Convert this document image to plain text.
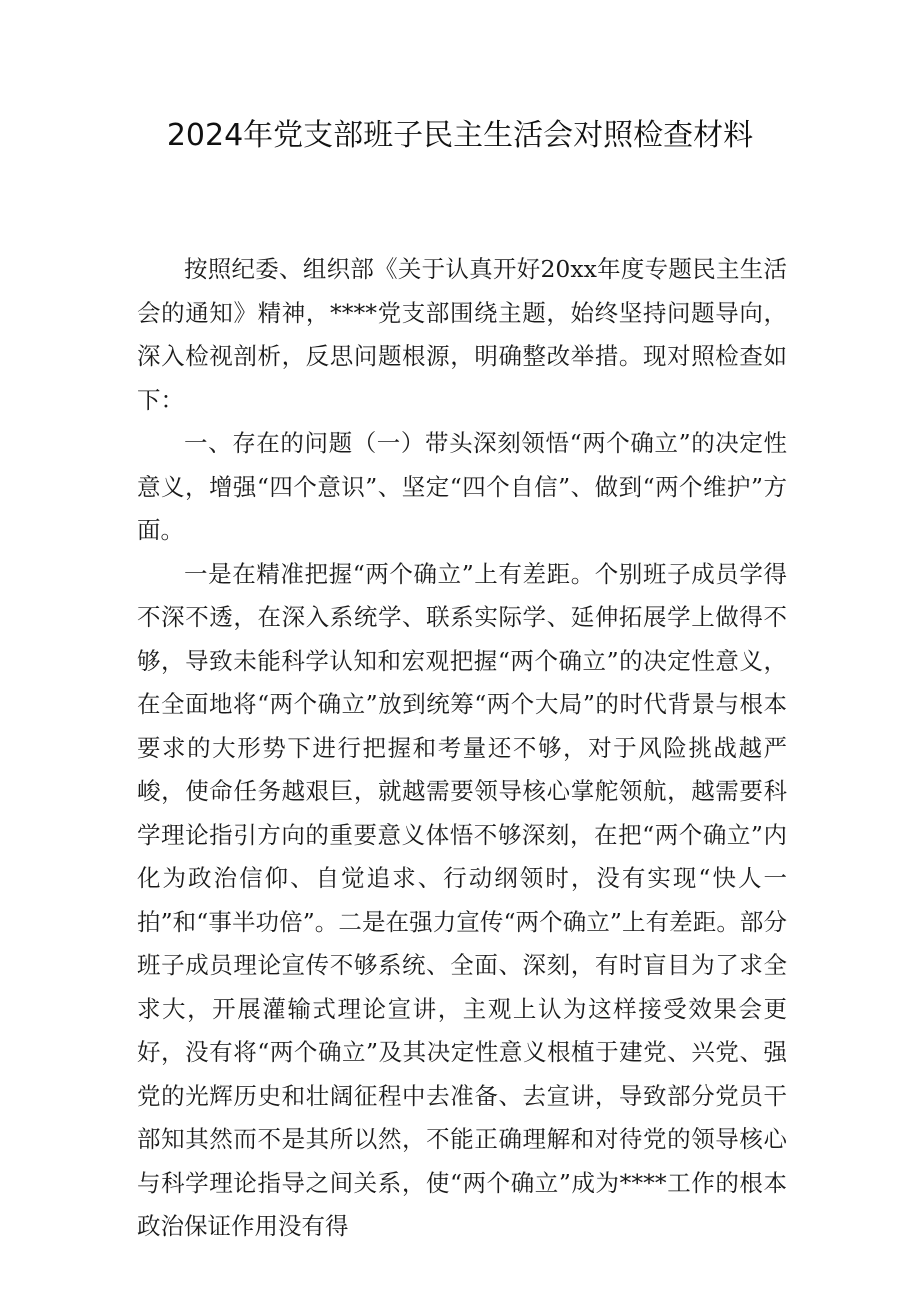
2024年党支部班子民主生活会对照检查材料

按照纪委、组织部《关于认真开好20xx年度专题民主生活会的通知》精神，****党支部围绕主题，始终坚持问题导向，深入检视剖析，反思问题根源，明确整改举措。现对照检查如下：

一、存在的问题（一）带头深刻领悟“两个确立”的决定性意义，增强“四个意识”、坚定“四个自信”、做到“两个维护”方面。

一是在精准把握“两个确立”上有差距。个别班子成员学得不深不透，在深入系统学、联系实际学、延伸拓展学上做得不够，导致未能科学认知和宏观把握“两个确立”的决定性意义，在全面地将“两个确立”放到统筹“两个大局”的时代背景与根本要求的大形势下进行把握和考量还不够，对于风险挑战越严峻，使命任务越艰巨，就越需要领导核心掌舵领航，越需要科学理论指引方向的重要意义体悟不够深刻，在把“两个确立”内化为政治信仰、自觉追求、行动纲领时，没有实现“快人一拍”和“事半功倍”。二是在强力宣传“两个确立”上有差距。部分班子成员理论宣传不够系统、全面、深刻，有时盲目为了求全求大，开展灌输式理论宣讲，主观上认为这样接受效果会更好，没有将“两个确立”及其决定性意义根植于建党、兴党、强党的光辉历史和壮阔征程中去准备、去宣讲，导致部分党员干部知其然而不是其所以然，不能正确理解和对待党的领导核心与科学理论指导之间关系，使“两个确立”成为****工作的根本政治保证作用没有得
